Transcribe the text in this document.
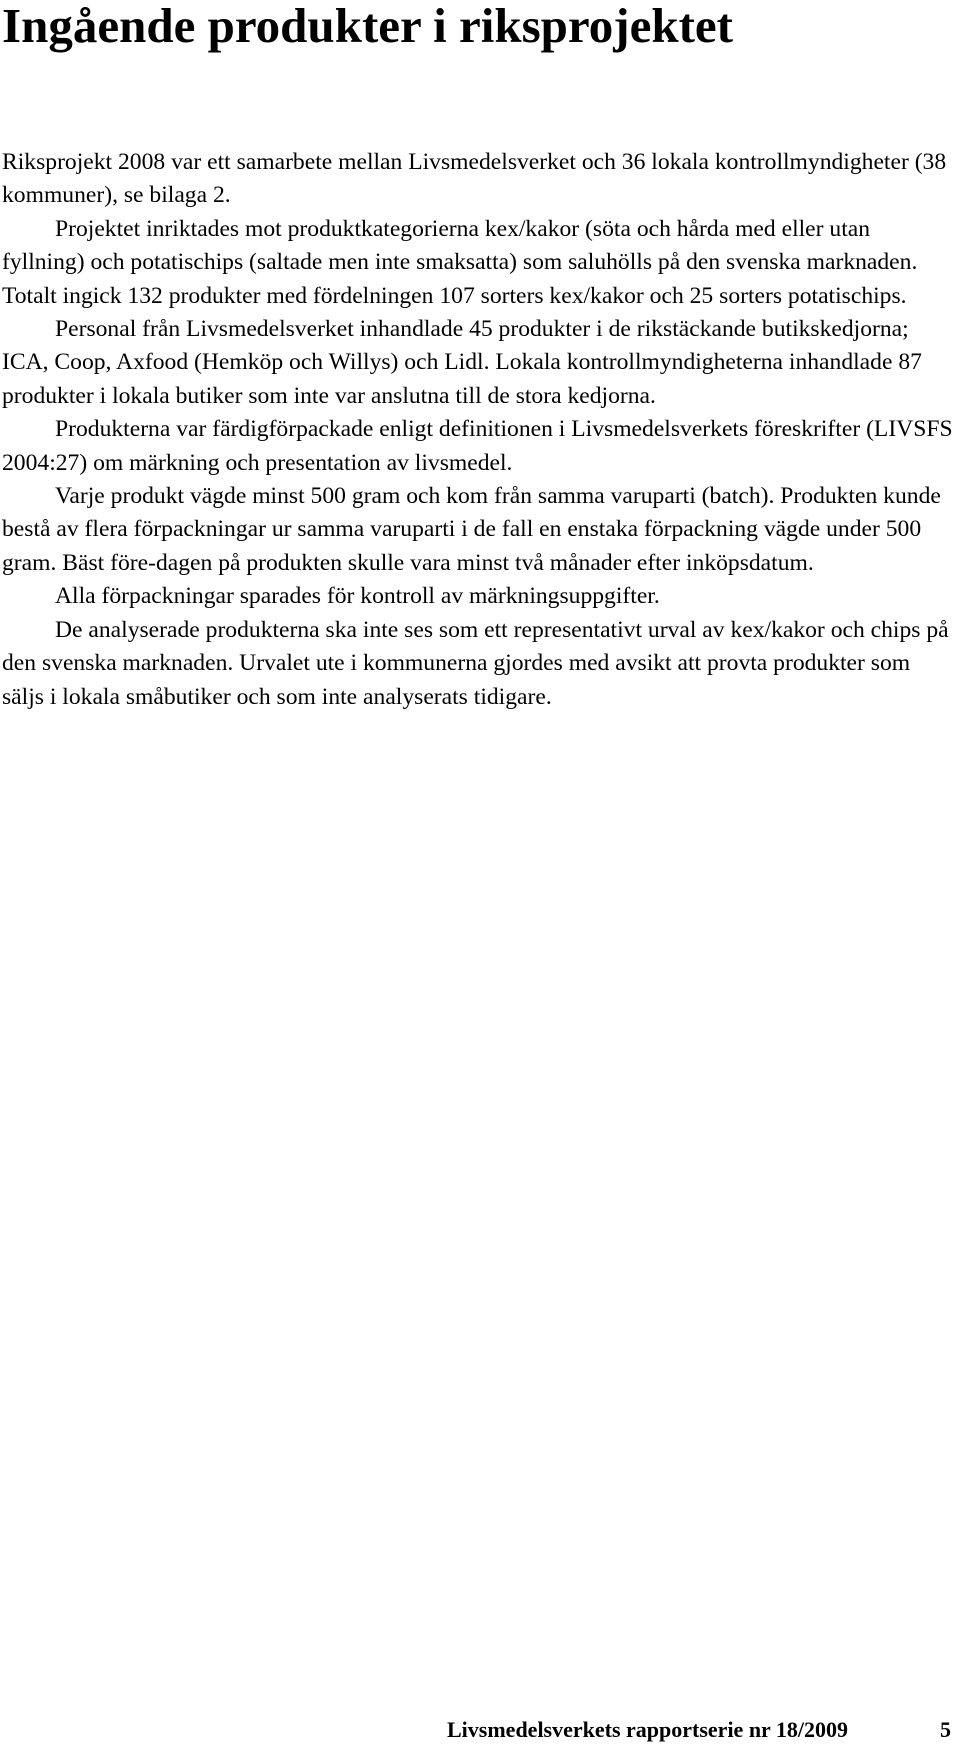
Ingående produkter i riksprojektet

Riksprojekt 2008 var ett samarbete mellan Livsmedelsverket och 36 lokala kontrollmyndigheter (38 kommuner), se bilaga 2.

Projektet inriktades mot produktkategorierna kex/kakor (söta och hårda med eller utan fyllning) och potatischips (saltade men inte smaksatta) som saluhölls på den svenska marknaden. Totalt ingick 132 produkter med fördelningen 107 sorters kex/kakor och 25 sorters potatischips.

Personal från Livsmedelsverket inhandlade 45 produkter i de rikstäckande butikskedjorna; ICA, Coop, Axfood (Hemköp och Willys) och Lidl. Lokala kontrollmyndigheterna inhandlade 87 produkter i lokala butiker som inte var anslutna till de stora kedjorna.

Produkterna var färdigförpackade enligt definitionen i Livsmedelsverkets föreskrifter (LIVSFS 2004:27) om märkning och presentation av livsmedel.

Varje produkt vägde minst 500 gram och kom från samma varuparti (batch). Produkten kunde bestå av flera förpackningar ur samma varuparti i de fall en enstaka förpackning vägde under 500 gram. Bäst före-dagen på produkten skulle vara minst två månader efter inköpsdatum.

Alla förpackningar sparades för kontroll av märkningsuppgifter.

De analyserade produkterna ska inte ses som ett representativt urval av kex/kakor och chips på den svenska marknaden. Urvalet ute i kommunerna gjordes med avsikt att provta produkter som säljs i lokala småbutiker och som inte analyserats tidigare.

Livsmedelsverkets rapportserie nr 18/2009	5
